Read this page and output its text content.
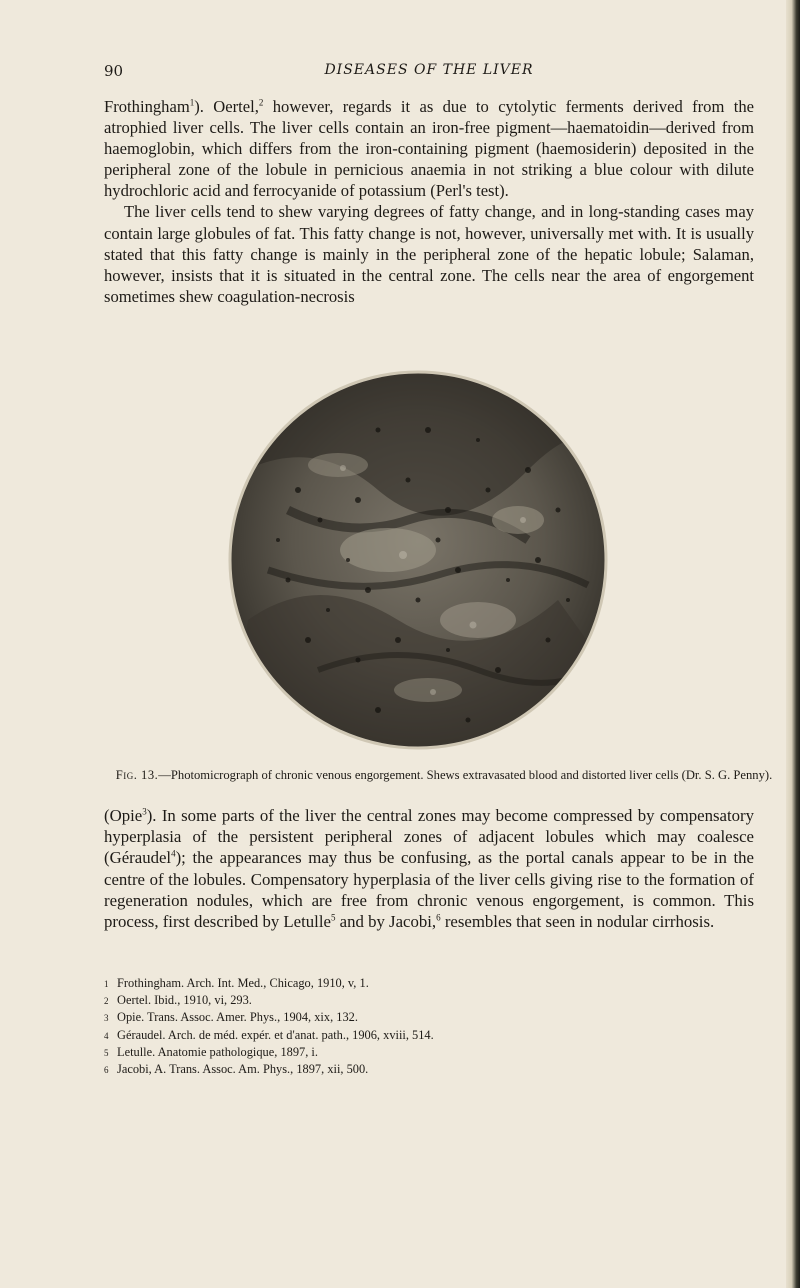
90	DISEASES OF THE LIVER

Frothingham$^1$). Oertel,$^2$ however, regards it as due to cytolytic ferments derived from the atrophied liver cells. The liver cells contain an iron-free pigment—haematoidin—derived from haemoglobin, which differs from the iron-containing pigment (haemosiderin) deposited in the peripheral zone of the lobule in pernicious anaemia in not striking a blue colour with dilute hydrochloric acid and ferrocyanide of potassium (Perl's test).
The liver cells tend to shew varying degrees of fatty change, and in long-standing cases may contain large globules of fat. This fatty change is not, however, universally met with. It is usually stated that this fatty change is mainly in the peripheral zone of the hepatic lobule; Salaman, however, insists that it is situated in the central zone. The cells near the area of engorgement sometimes shew coagulation-necrosis

Fig. 13.—Photomicrograph of chronic venous engorgement. Shews extravasated blood and distorted liver cells (Dr. S. G. Penny).

(Opie$^3$). In some parts of the liver the central zones may become compressed by compensatory hyperplasia of the persistent peripheral zones of adjacent lobules which may coalesce (Géraudel$^4$); the appearances may thus be confusing, as the portal canals appear to be in the centre of the lobules. Compensatory hyperplasia of the liver cells giving rise to the formation of regeneration nodules, which are free from chronic venous engorgement, is common. This process, first described by Letulle$^5$ and by Jacobi,$^6$ resembles that seen in nodular cirrhosis.

1 Frothingham. Arch. Int. Med., Chicago, 1910, v, 1.
2 Oertel. Ibid., 1910, vi, 293.
3 Opie. Trans. Assoc. Amer. Phys., 1904, xix, 132.
4 Géraudel. Arch. de méd. expér. et d'anat. path., 1906, xviii, 514.
5 Letulle. Anatomie pathologique, 1897, i.
6 Jacobi, A. Trans. Assoc. Am. Phys., 1897, xii, 500.
